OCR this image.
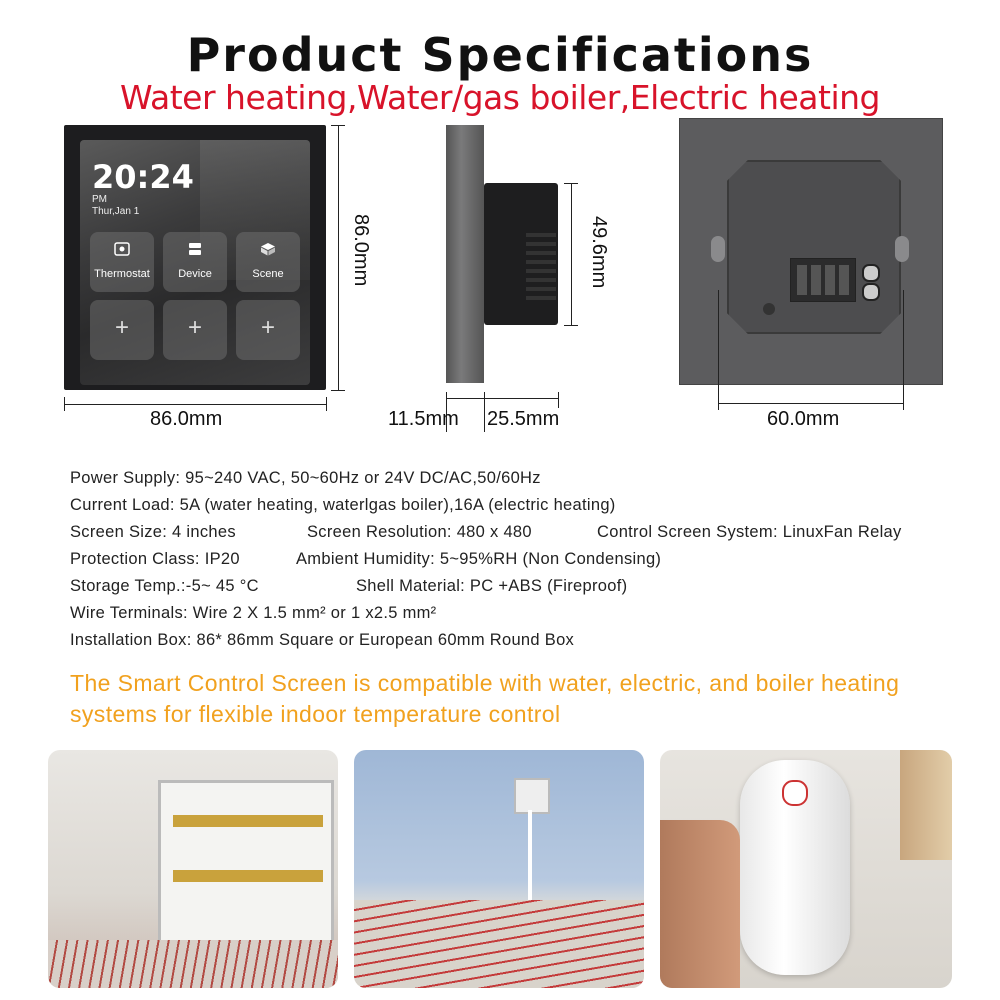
Product Specifications
Water heating,Water/gas boiler,Electric heating
20:24
PM
Thur,Jan 1
Thermostat	Device	Scene
+	+	+
86.0mm
86.0mm	49.6mm
11.5mm 25.5mm	60.0mm
Power Supply: 95~240 VAC, 50~60Hz or 24V DC/AC,50/60Hz
Current Load: 5A (water heating, waterlgas boiler),16A (electric heating)
Screen Size: 4 inches	Screen Resolution: 480 x 480	Control Screen System: LinuxFan Relay
Protection Class: IP20	Ambient Humidity: 5~95%RH (Non Condensing)
Storage Temp.:-5~ 45 °C	Shell Material: PC +ABS (Fireproof)
Wire Terminals: Wire 2 X 1.5 mm² or 1 x2.5 mm²
Installation Box: 86* 86mm Square or European 60mm Round Box
The Smart Control Screen is compatible with water, electric, and boiler heating systems for flexible indoor temperature control
